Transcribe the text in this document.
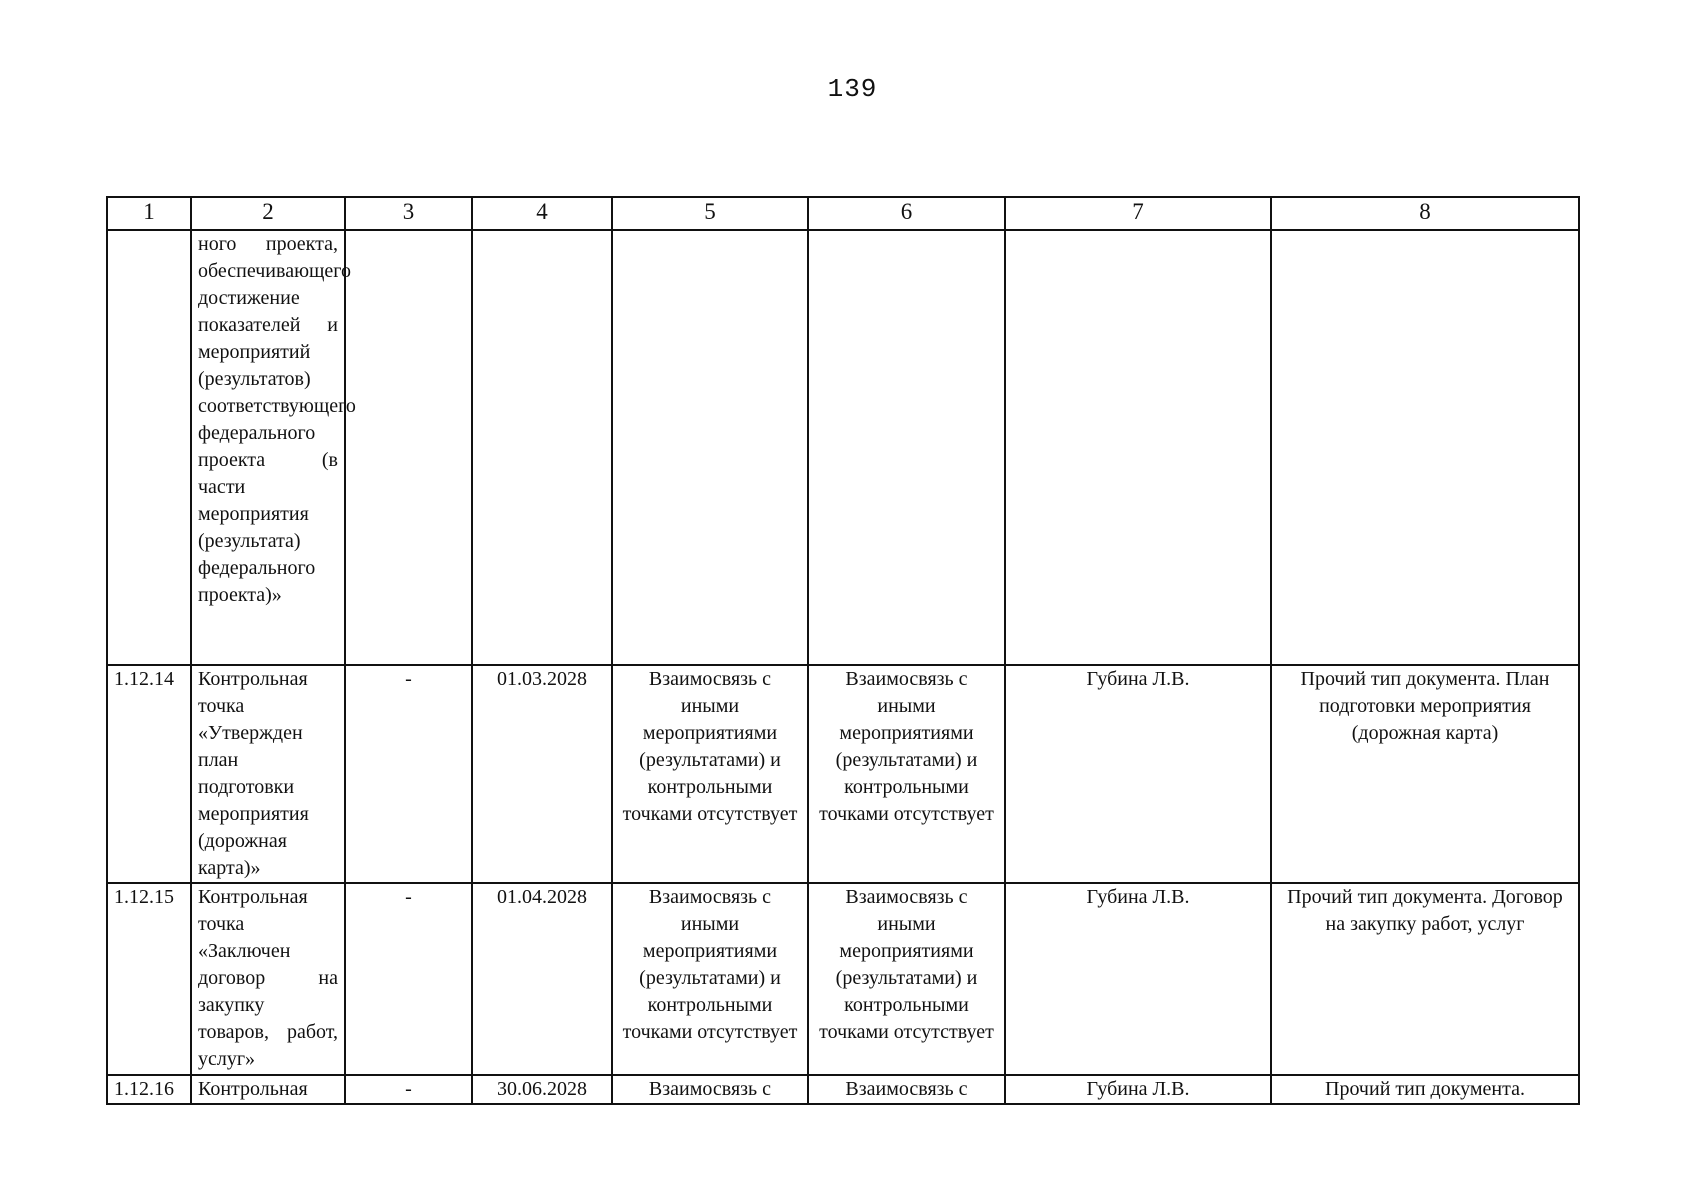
139
1	2	3	4	5	6	7	8
	ного проекта, обеспечивающего достижение показателей и мероприятий (результатов) соответствующего федерального проекта (в части мероприятия (результата) федерального проекта)»						
1.12.14	Контрольная точка «Утвержден план подготовки мероприятия (дорожная карта)»	-	01.03.2028	Взаимосвязь с иными мероприятиями (результатами) и контрольными точками отсутствует	Взаимосвязь с иными мероприятиями (результатами) и контрольными точками отсутствует	Губина Л.В.	Прочий тип документа. План подготовки мероприятия (дорожная карта)
1.12.15	Контрольная точка «Заключен договор на закупку товаров, работ, услуг»	-	01.04.2028	Взаимосвязь с иными мероприятиями (результатами) и контрольными точками отсутствует	Взаимосвязь с иными мероприятиями (результатами) и контрольными точками отсутствует	Губина Л.В.	Прочий тип документа. Договор на закупку работ, услуг
1.12.16	Контрольная	-	30.06.2028	Взаимосвязь с	Взаимосвязь с	Губина Л.В.	Прочий тип документа.
